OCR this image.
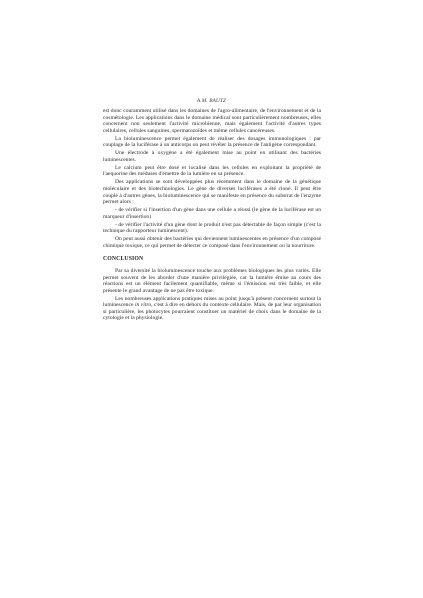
A.M. BAUTZ

est donc couramment utilisé dans les domaines de l'agro-alimentaire, de l'environnement et de la cosmétologie. Les applications dans le domaine médical sont particulièrement nombreuses, elles concernent non seulement l'activité microbienne, mais également l'activité d'autres types cellulaires, cellules sanguines, spermatozoïdes et même cellules cancéreuses.

La bioluminescence permet également de réaliser des dosages immunologiques : par couplage de la luciférase à un anticorps on peut révéler la présence de l'antigène correspondant.

Une électrode à oxygène a été également mise au point en utilisant des bactéries luminescentes.

Le calcium peut être dosé et localisé dans les cellules en exploitant la propriété de l'aequorine des méduses d'émettre de la lumière en sa présence.

Des applications se sont développées plus récemment dans le domaine de la génétique moléculaire et des biotechnologies. Le gène de diverses luciférases a été cloné. Il peut être couplé à d'autres gènes, la bioluminescence qui se manifeste en présence du substrat de l'enzyme permet alors :

- de vérifier si l'insertion d'un gène dans une cellule a réussi (le gène de la luciférase est un marqueur d'insertion)

- de vérifier l'activité d'un gène dont le produit n'est pas détectable de façon simple (c'est la technique du rapporteur luminescent).

On peut aussi obtenir des bactéries qui deviennent luminescentes en présence d'un composé chimique toxique, ce qui permet de détecter ce composé dans l'environnement ou la nourriture.

CONCLUSION

Par sa diversité la bioluminescence touche aux problèmes biologiques les plus variés. Elle permet souvent de les aborder d'une manière privilégiée, car la lumière émise au cours des réactions est un élément facilement quantifiable, même si l'émission est très faible, et elle présente le grand avantage de ne pas être toxique.

Les nombreuses applications pratiques mises au point jusqu'à présent concernent surtout la luminescence in vitro, c'est à dire en dehors du contexte cellulaire. Mais, de par leur organisation si particulière, les photocytes pourraient constituer un matériel de choix dans le domaine de la cytologie et la physiologie.
